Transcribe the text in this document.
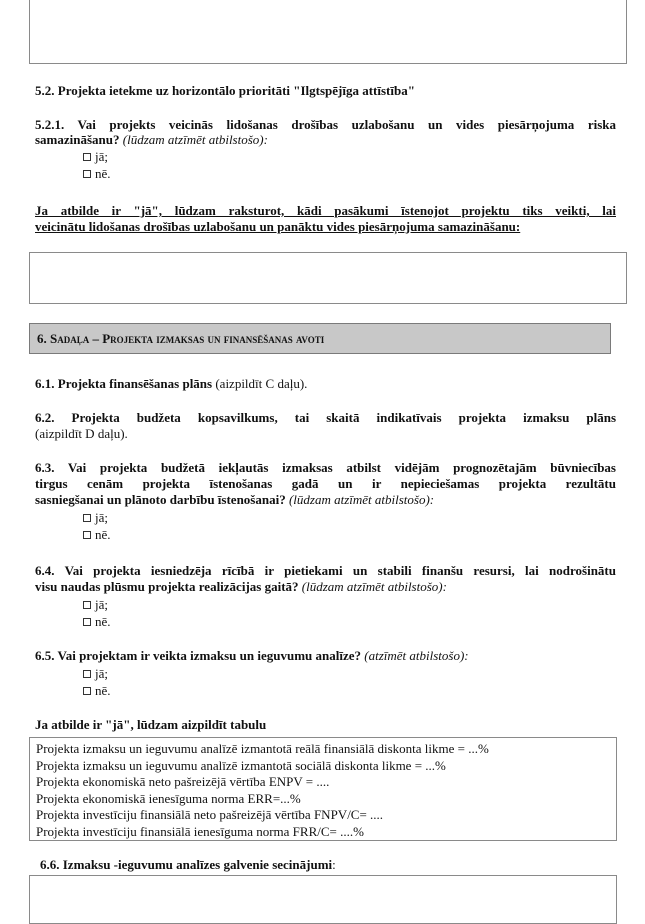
5.2. Projekta ietekme uz horizontālo prioritāti "Ilgtspējīga attīstība"
5.2.1. Vai projekts veicinās lidošanas drošības uzlabošanu un vides piesārņojuma riska
samazināšanu? (lūdzam atzīmēt atbilstošo):
jā;
nē.
Ja atbilde ir "jā", lūdzam raksturot, kādi pasākumi īstenojot projektu tiks veikti, lai
veicinātu lidošanas drošības uzlabošanu un panāktu vides piesārņojuma samazināšanu:
6. Sadaļa – Projekta izmaksas un finansēšanas avoti
6.1. Projekta finansēšanas plāns (aizpildīt C daļu).
6.2. Projekta budžeta kopsavilkums, tai skaitā indikatīvais projekta izmaksu plāns
(aizpildīt D daļu).
6.3. Vai projekta budžetā iekļautās izmaksas atbilst vidējām prognozētajām būvniecības
tirgus cenām projekta īstenošanas gadā un ir nepieciešamas projekta rezultātu
sasniegšanai un plānoto darbību īstenošanai? (lūdzam atzīmēt atbilstošo):
jā;
nē.
6.4. Vai projekta iesniedzēja rīcībā ir pietiekami un stabili finanšu resursi, lai nodrošinātu
visu naudas plūsmu projekta realizācijas gaitā? (lūdzam atzīmēt atbilstošo):
jā;
nē.
6.5. Vai projektam ir veikta izmaksu un ieguvumu analīze? (atzīmēt atbilstošo):
jā;
nē.
Ja atbilde ir "jā", lūdzam aizpildīt tabulu
Projekta izmaksu un ieguvumu analīzē izmantotā reālā finansiālā diskonta likme = ...%
Projekta izmaksu un ieguvumu analīzē izmantotā sociālā diskonta likme = ...%
Projekta ekonomiskā neto pašreizējā vērtība ENPV = ....
Projekta ekonomiskā ienesīguma norma ERR=...%
Projekta investīciju finansiālā neto pašreizējā vērtība FNPV/C= ....
Projekta investīciju finansiālā ienesīguma norma FRR/C= ....%
6.6. Izmaksu -ieguvumu analīzes galvenie secinājumi:
